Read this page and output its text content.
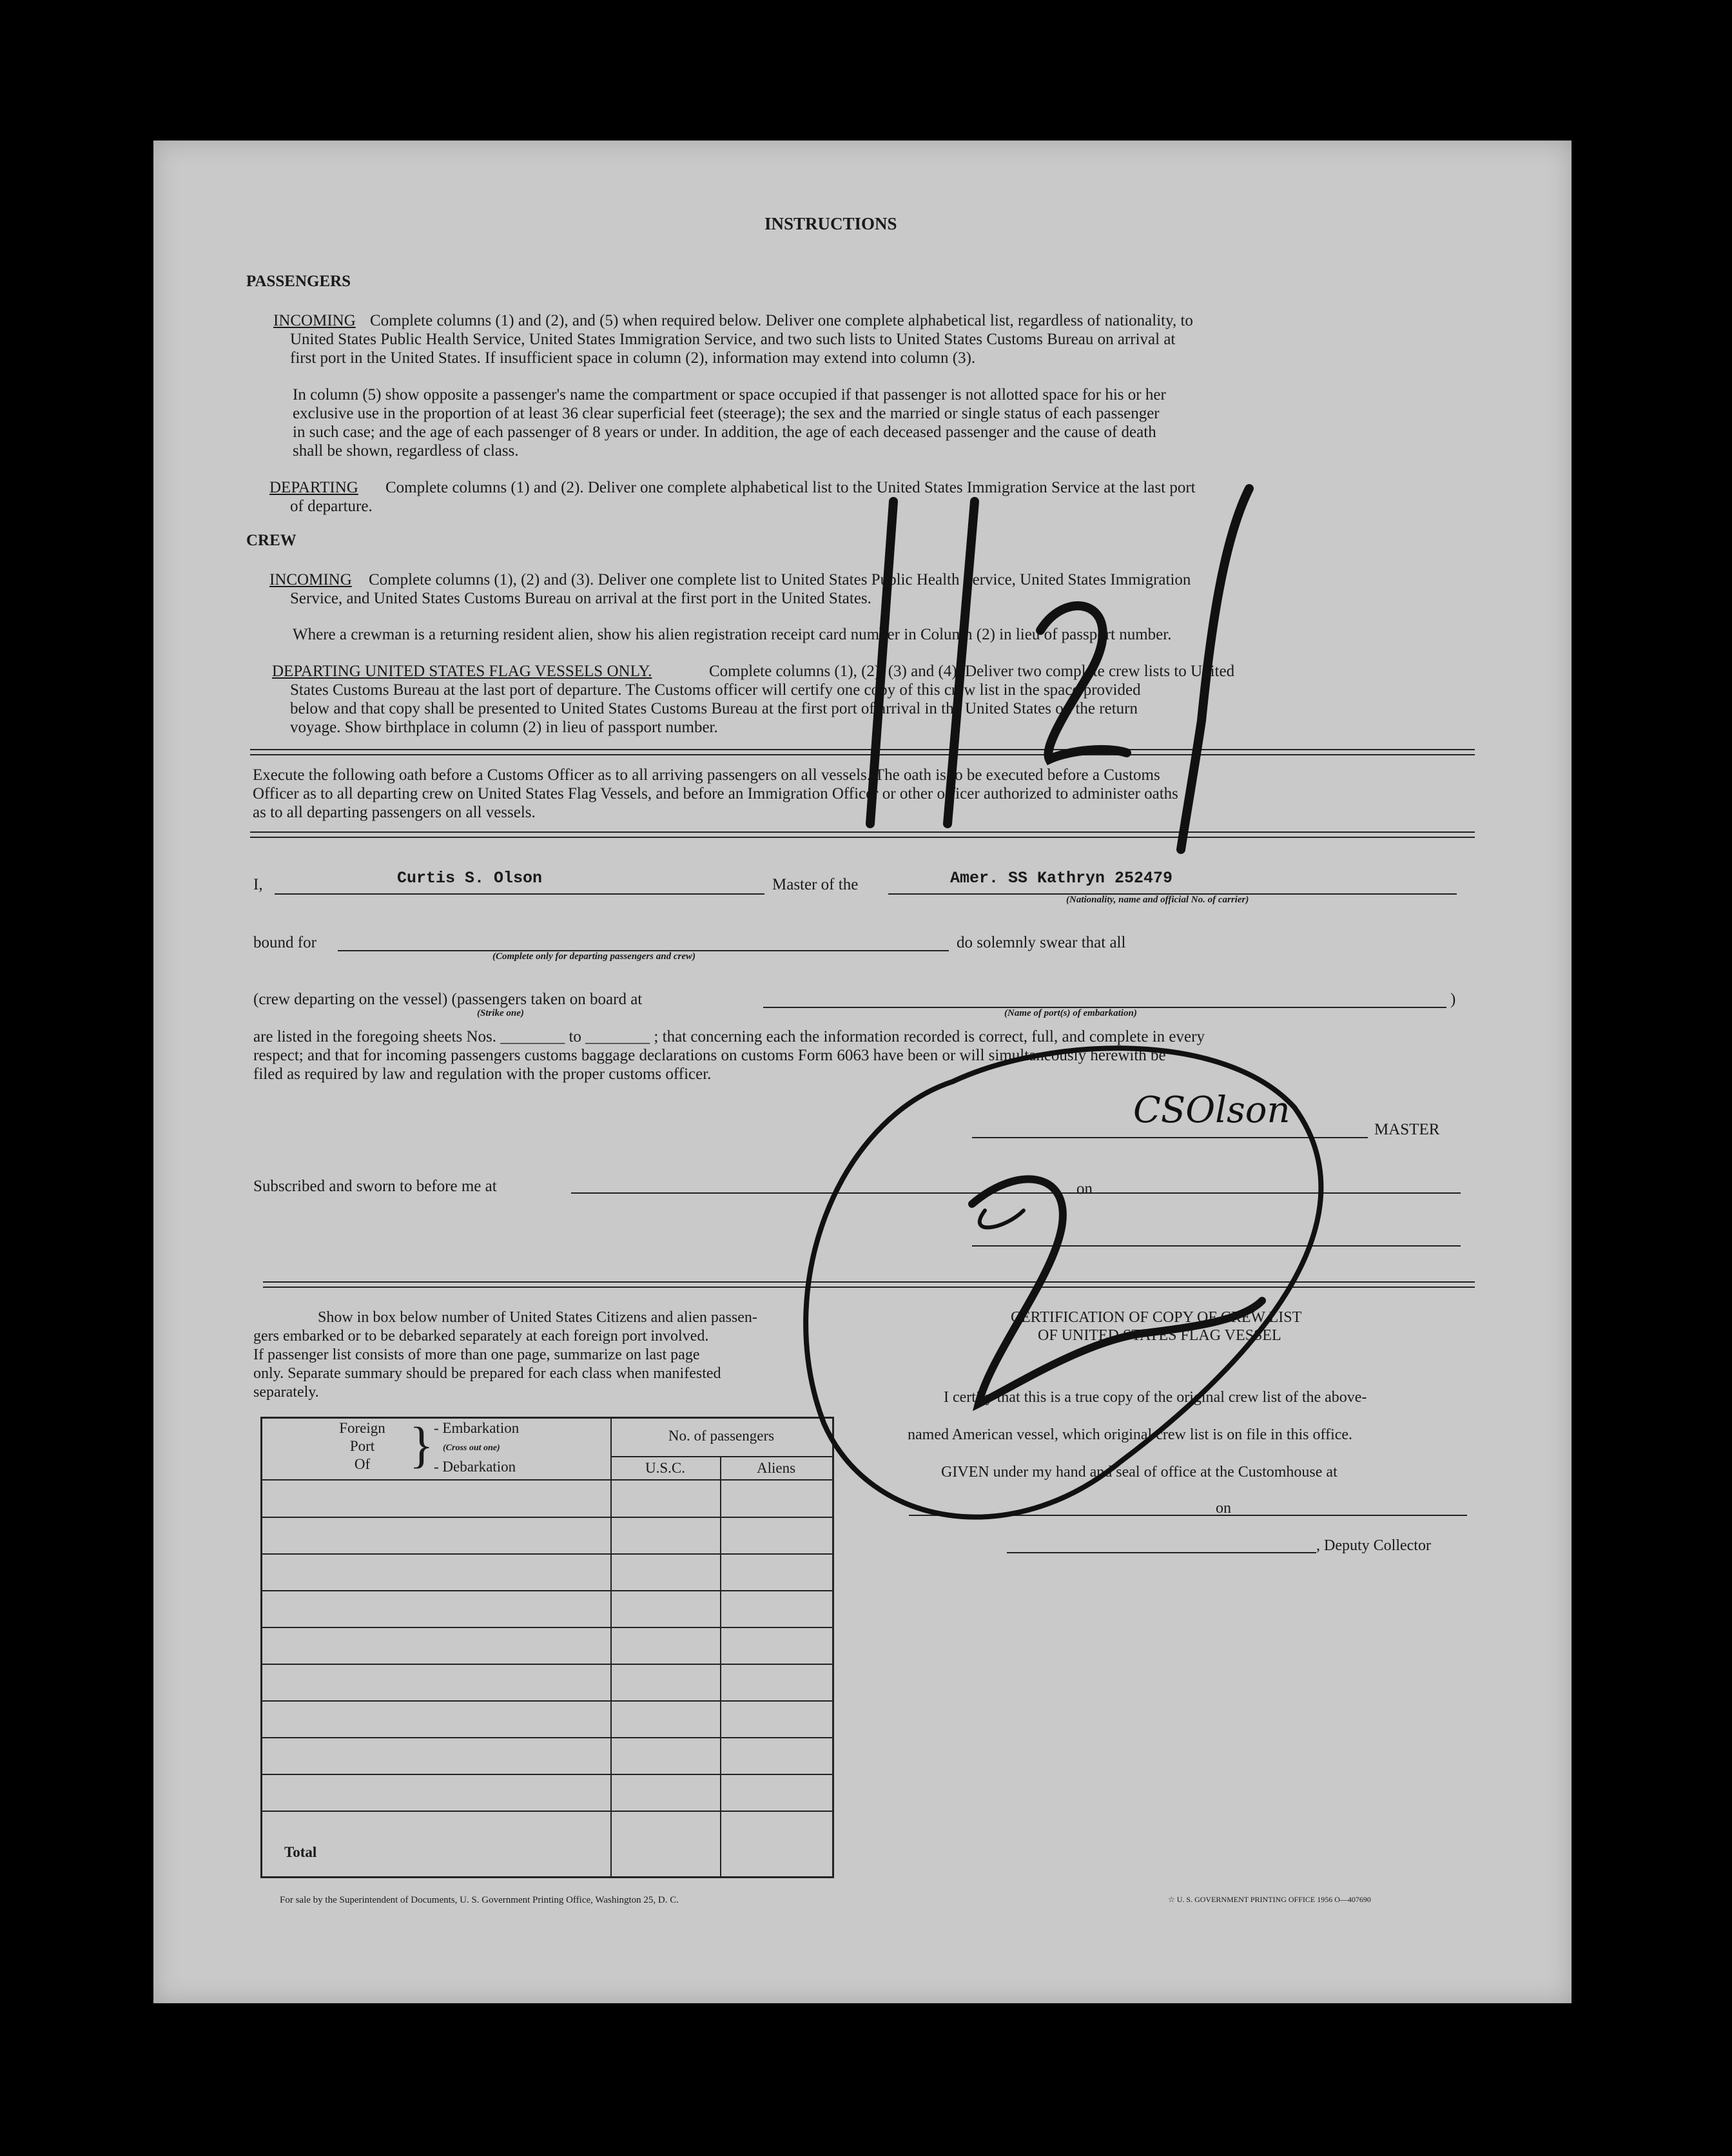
INSTRUCTIONS
PASSENGERS
INCOMING Complete columns (1) and (2), and (5) when required below. Deliver one complete alphabetical list, regardless of nationality, to
United States Public Health Service, United States Immigration Service, and two such lists to United States Customs Bureau on arrival at
first port in the United States. If insufficient space in column (2), information may extend into column (3).
In column (5) show opposite a passenger's name the compartment or space occupied if that passenger is not allotted space for his or her
exclusive use in the proportion of at least 36 clear superficial feet (steerage); the sex and the married or single status of each passenger
in such case; and the age of each passenger of 8 years or under. In addition, the age of each deceased passenger and the cause of death
shall be shown, regardless of class.
DEPARTING Complete columns (1) and (2). Deliver one complete alphabetical list to the United States Immigration Service at the last port
of departure.
CREW
INCOMING Complete columns (1), (2) and (3). Deliver one complete list to United States Public Health Service, United States Immigration
Service, and United States Customs Bureau on arrival at the first port in the United States.
Where a crewman is a returning resident alien, show his alien registration receipt card number in Column (2) in lieu of passport number.
DEPARTING UNITED STATES FLAG VESSELS ONLY.	Complete columns (1), (2), (3) and (4). Deliver two complete crew lists to United
States Customs Bureau at the last port of departure. The Customs officer will certify one copy of this crew list in the space provided
below and that copy shall be presented to United States Customs Bureau at the first port of arrival in the United States on the return
voyage. Show birthplace in column (2) in lieu of passport number.
Execute the following oath before a Customs Officer as to all arriving passengers on all vessels. The oath is to be executed before a Customs
Officer as to all departing crew on United States Flag Vessels, and before an Immigration Officer or other officer authorized to administer oaths
as to all departing passengers on all vessels.
I,	Curtis S. Olson	Master of the	Amer. SS Kathryn 252479
(Nationality, name and official No. of carrier)
bound for
(Complete only for departing passengers and crew)
do solemnly swear that all
(crew departing on the vessel) (passengers taken on board at	)
(Strike one)	(Name of port(s) of embarkation)
are listed in the foregoing sheets Nos. ________ to ________ ; that concerning each the information recorded is correct, full, and complete in every
respect; and that for incoming passengers customs baggage declarations on customs Form 6063 have been or will simultaneously herewith be
filed as required by law and regulation with the proper customs officer.
CSOlson	MASTER
Subscribed and sworn to before me at	on
Show in box below number of United States Citizens and alien passen-
gers embarked or to be debarked separately at each foreign port involved.
If passenger list consists of more than one page, summarize on last page
only. Separate summary should be prepared for each class when manifested
separately.
Foreign
Port
Of } - Embarkation
(Cross out one)
- Debarkation
No. of passengers
U.S.C.	Aliens
Total
CERTIFICATION OF COPY OF CREW LIST
OF UNITED STATES FLAG VESSEL
I certify that this is a true copy of the original crew list of the above-
named American vessel, which original crew list is on file in this office.
GIVEN under my hand and seal of office at the Customhouse at
on
, Deputy Collector
For sale by the Superintendent of Documents, U. S. Government Printing Office, Washington 25, D. C.	☆ U. S. GOVERNMENT PRINTING OFFICE 1956 O—407690
